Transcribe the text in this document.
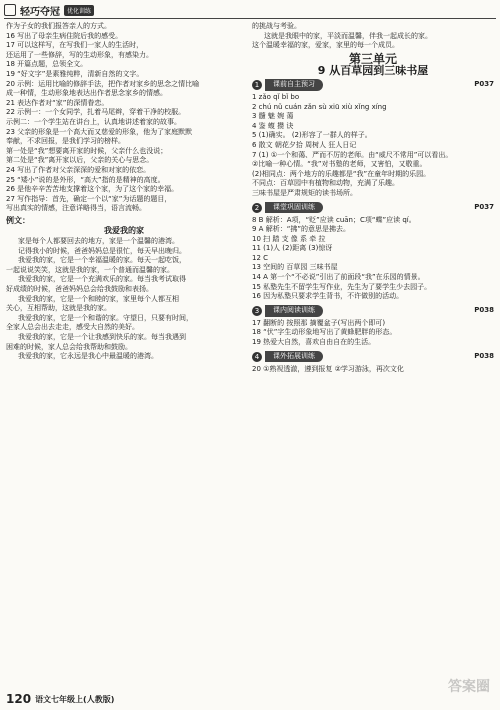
轻巧夺冠	优化训练

作为子女的我们报答亲人的方式。

16 写出了母亲生病住院后我的感受。

17 可以这样写，在写我们一家人的生活时，

还运用了一些修辞，写的生动形象，有感染力。

18 开篇点题，总领全文。

19 “好文字”是素雅纯粹，清新自然的文字。

20 示例：运用比喻的修辞手法，把作者对家乡的思念之情比喻

成一种情，生动形象地表达出作者思念家乡的情感。

21 表达作者对“家”的深情眷恋。

22 示例一：一个女同学，扎着马尾辫，穿着干净的校服。

示例二：一个学生站在讲台上，认真地讲述着家的故事。

23 父亲的形象是一个高大而又慈爱的形象，他为了家庭默默

奉献，不求回报，是我们学习的榜样。

第一处是“我”想要离开家的时候，父亲什么也没说；

第二处是“我”离开家以后，父亲的关心与思念。

24 写出了作者对父亲深深的爱和对家的依恋。

25 “矮小”说的是外形，“高大”指的是精神的高度。

26 是他辛辛苦苦地支撑着这个家，为了这个家的幸福。

27 写作指导：首先，确定一个以“家”为话题的题目，

写出真实的情感，注意详略得当，语言流畅。

例文：
我爱我的家

家是每个人都要回去的地方，家是一个温馨的港湾。

记得我小的时候，爸爸妈妈总是很忙，每天早出晚归。

我爱我的家，它是一个幸福温暖的家。每天一起吃饭，

一起说说笑笑，这就是我的家，一个普通而温馨的家。

我爱我的家，它是一个充满欢乐的家。每当我考试取得

好成绩的时候，爸爸妈妈总会给我鼓励和表扬。

我爱我的家，它是一个和睦的家，家里每个人都互相

关心，互相帮助，这就是我的家。

我爱我的家，它是一个和谐的家。守望日，只要有时间，

全家人总会出去走走，感受大自然的美好。

我爱我的家，它是一个让我感到快乐的家。每当我遇到

困难的时候，家人总会给我帮助和鼓励。

我爱我的家，它永远是我心中最温暖的港湾。

的挑战与考验。

这就是我眼中的家，平淡而温馨，伴我一起成长的家。

这个温暖幸福的家，爱家，家里的每一个成员。

第三单元
9 从百草园到三味书屋
1	课前自主预习	P037

1 zǎo qǐ bǐ bo

2 chú nǔ cuán zǎn sù xiū xiù xǐng xíng

3 髓 魅 婉 蔼

4 鉴 蝮 攒 诀

5 (1)确实。 (2)形容了一群人的样子。

6 散文 朝花夕拾 周树人 狂人日记

7 (1) ①一个和蔼、严而不厉的老师。由“威尺不常用”可以看出。

②比喻一种心情。“我”对书塾的老师，又害怕，又敬重。

(2)相同点：两个地方的乐趣都是“我”在童年时期的乐园。

不同点：百草园中有植物和动物，充满了乐趣。

三味书屋是严肃规矩的读书场所。

2	课堂巩固训练	P037

8 B 解析：A项，“贬”应读 cuān；C项“蝶”应读 qí。

9 A 解析：“拂”的意思是拂去。

10 扫 踏 支 像 系 牵 拉

11 (1)人 (2)距离 (3)惊讶

12 C

13 空间的 百草园 三味书屋

14 A 第一个“不必说”引出了前面段“我”在乐园的情景。

15 私塾先生不留学生写作业，先生为了要学生少去园子。

16 因为私塾只要求学生背书，不许做别的活动。

3	课内阅读训练	P038

17 翻断的 按照那 摘覆盆子(写出两个即可)

18 “伏”字生动形象地写出了黄蜂肥胖的形态。

19 热爱大自然，喜欢自由自在的生活。

4	课外拓展训练	P038

20 ①熟视透澈，遵到报复 ②学习游泳，再次文化

120 语文七年级上(人教版)
答案圈
